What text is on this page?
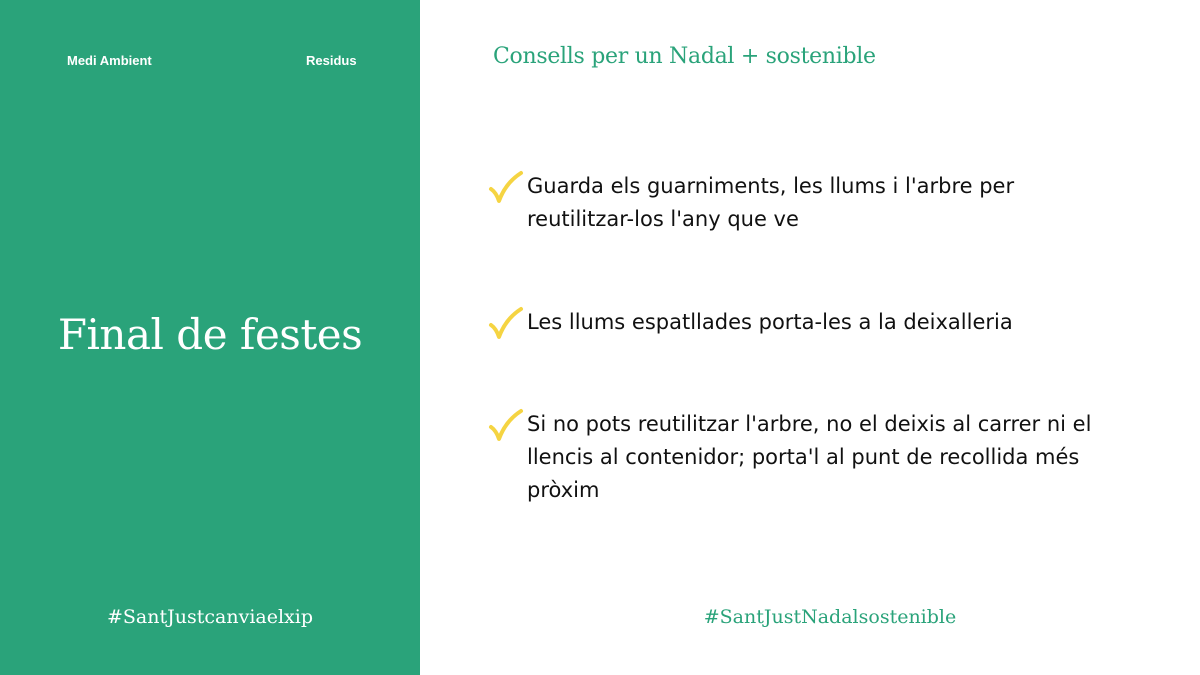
Medi Ambient	Residus
Final de festes
#SantJustcanviaelxip
Consells per un Nadal + sostenible
Guarda els guarniments, les llums i l'arbre per reutilitzar-los l'any que ve
Les llums espatllades porta-les a la deixalleria
Si no pots reutilitzar l'arbre, no el deixis al carrer ni el llencis al contenidor; porta'l al punt de recollida més pròxim
#SantJustNadalsostenible
